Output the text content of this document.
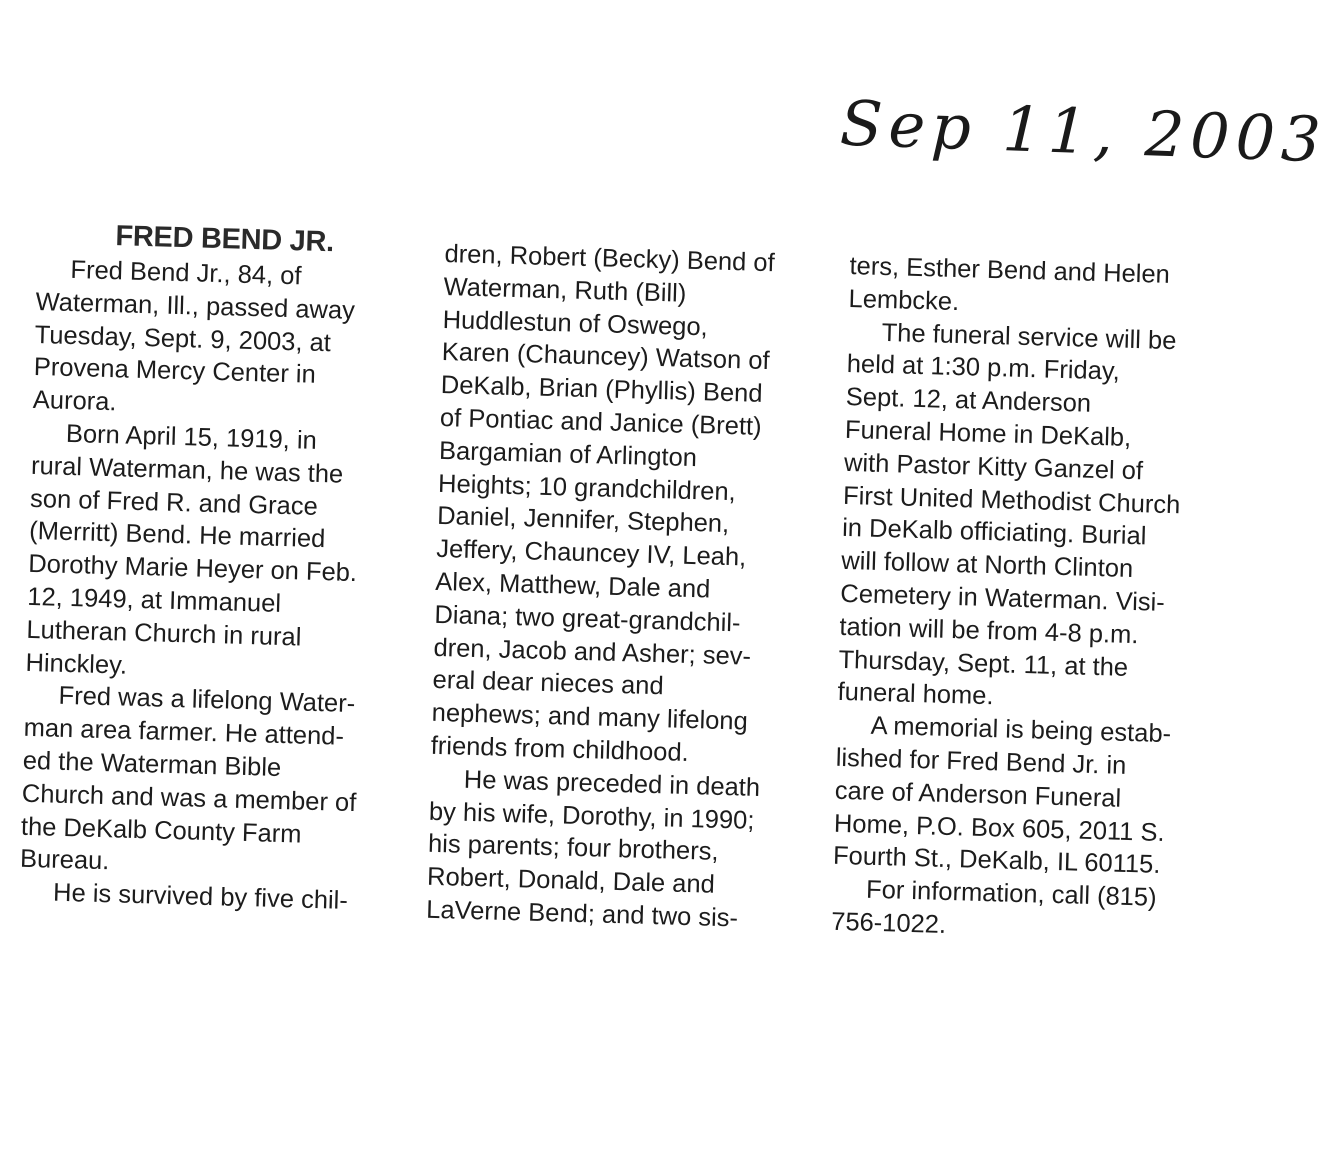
Sep 11, 2003
FRED BEND JR.
Fred Bend Jr., 84, of
Waterman, Ill., passed away
Tuesday, Sept. 9, 2003, at
Provena Mercy Center in
Aurora.
Born April 15, 1919, in
rural Waterman, he was the
son of Fred R. and Grace
(Merritt) Bend. He married
Dorothy Marie Heyer on Feb.
12, 1949, at Immanuel
Lutheran Church in rural
Hinckley.
Fred was a lifelong Water-
man area farmer. He attend-
ed the Waterman Bible
Church and was a member of
the DeKalb County Farm
Bureau.
He is survived by five chil-
dren, Robert (Becky) Bend of
Waterman, Ruth (Bill)
Huddlestun of Oswego,
Karen (Chauncey) Watson of
DeKalb, Brian (Phyllis) Bend
of Pontiac and Janice (Brett)
Bargamian of Arlington
Heights; 10 grandchildren,
Daniel, Jennifer, Stephen,
Jeffery, Chauncey IV, Leah,
Alex, Matthew, Dale and
Diana; two great-grandchil-
dren, Jacob and Asher; sev-
eral dear nieces and
nephews; and many lifelong
friends from childhood.
He was preceded in death
by his wife, Dorothy, in 1990;
his parents; four brothers,
Robert, Donald, Dale and
LaVerne Bend; and two sis-
ters, Esther Bend and Helen
Lembcke.
The funeral service will be
held at 1:30 p.m. Friday,
Sept. 12, at Anderson
Funeral Home in DeKalb,
with Pastor Kitty Ganzel of
First United Methodist Church
in DeKalb officiating. Burial
will follow at North Clinton
Cemetery in Waterman. Visi-
tation will be from 4-8 p.m.
Thursday, Sept. 11, at the
funeral home.
A memorial is being estab-
lished for Fred Bend Jr. in
care of Anderson Funeral
Home, P.O. Box 605, 2011 S.
Fourth St., DeKalb, IL 60115.
For information, call (815)
756-1022.
